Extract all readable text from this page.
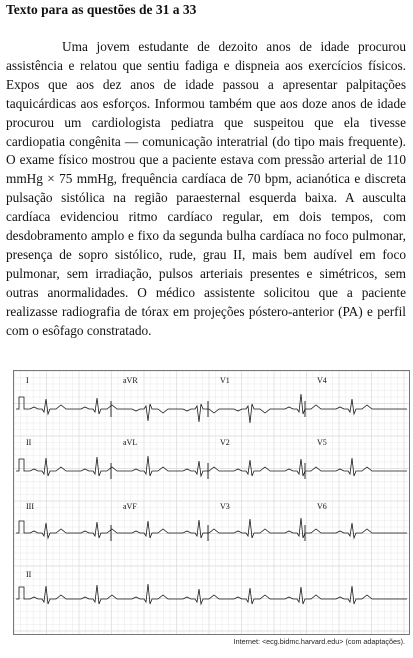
Texto para as questões de 31 a 33

Uma jovem estudante de dezoito anos de idade procurou assistência e relatou que sentiu fadiga e dispneia aos exercícios físicos. Expos que aos dez anos de idade passou a apresentar palpitações taquicárdicas aos esforços. Informou também que aos doze anos de idade procurou um cardiologista pediatra que suspeitou que ela tivesse cardiopatia congênita — comunicação interatrial (do tipo mais frequente). O exame físico mostrou que a paciente estava com pressão arterial de 110 mmHg × 75 mmHg, frequência cardíaca de 70 bpm, acianótica e discreta pulsação sistólica na região paraesternal esquerda baixa. A ausculta cardíaca evidenciou ritmo cardíaco regular, em dois tempos, com desdobramento amplo e fixo da segunda bulha cardíaca no foco pulmonar, presença de sopro sistólico, rude, grau II, mais bem audível em foco pulmonar, sem irradiação, pulsos arteriais presentes e simétricos, sem outras anormalidades. O médico assistente solicitou que a paciente realizasse radiografia de tórax em projeções póstero-anterior (PA) e perfil com o esôfago constratado.

I	aVR	V1	V4
II	aVL	V2	V5
III	aVF	V3	V6
II
Internet: <ecg.bidmc.harvard.edu> (com adaptações).
